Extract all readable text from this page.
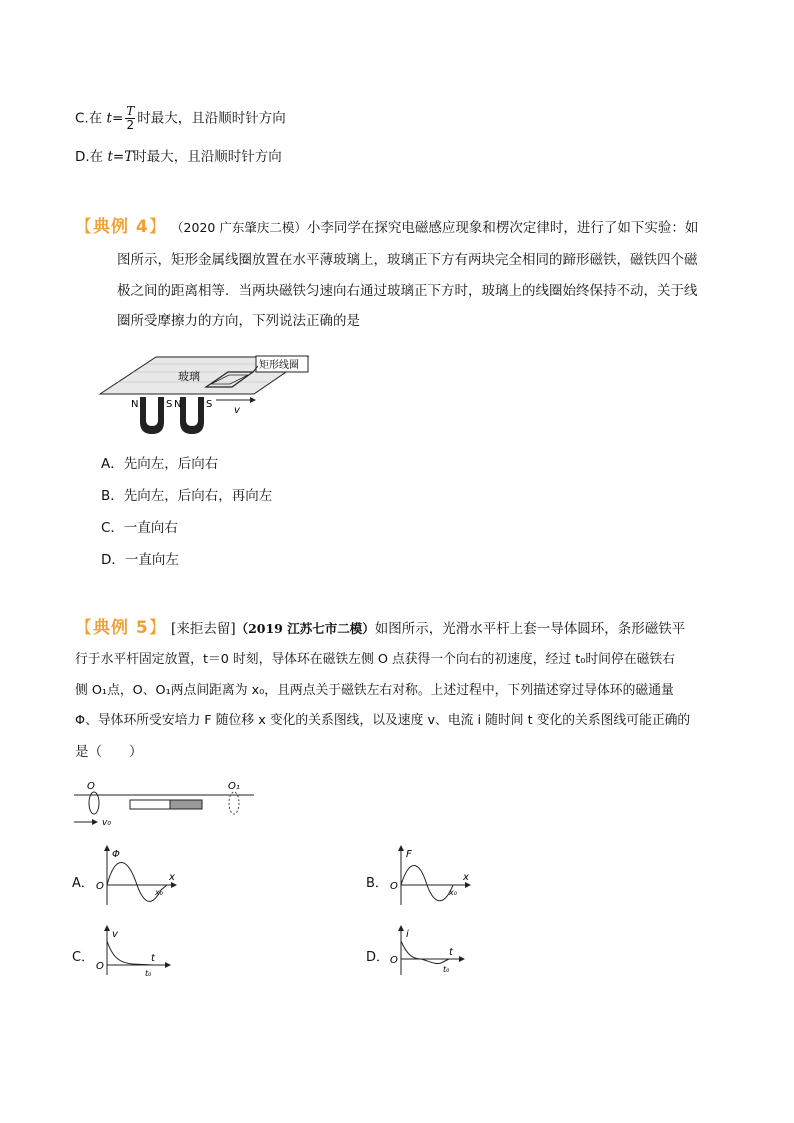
C.在 $t= \frac{T}{2}$ 时最大，且沿顺时针方向
D.在 t=T时最大，且沿顺时针方向
【典例 4】 （2020 广东肇庆二模）小李同学在探究电磁感应现象和楞次定律时，进行了如下实验：如
图所示，矩形金属线圈放置在水平薄玻璃上，玻璃正下方有两块完全相同的蹄形磁铁，磁铁四个磁
极之间的距离相等．当两块磁铁匀速向右通过玻璃正下方时，玻璃上的线圈始终保持不动，关于线
圈所受摩擦力的方向，下列说法正确的是
玻璃
矩形线圈
N	S N S
v
A．先向左，后向右
B．先向左，后向右，再向左
C．一直向右
D．一直向左
【典例 5】 [来拒去留]（2019 江苏七市二模）如图所示，光滑水平杆上套一导体圆环，条形磁铁平
行于水平杆固定放置，t＝0 时刻，导体环在磁铁左侧 O 点获得一个向右的初速度，经过 t₀时间停在磁铁右
侧 O₁点，O、O₁两点间距离为 x₀，且两点关于磁铁左右对称。上述过程中，下列描述穿过导体环的磁通量
Φ、导体环所受安培力 F 随位移 x 变化的关系图线，以及速度 v、电流 i 随时间 t 变化的关系图线可能正确的
是（　　）
O	O₁
v₀
A．
Φ
x
O
x₀
B．
F
x
O
x₀
C．
v
t
O
t₀
D．
i
t
O
t₀
